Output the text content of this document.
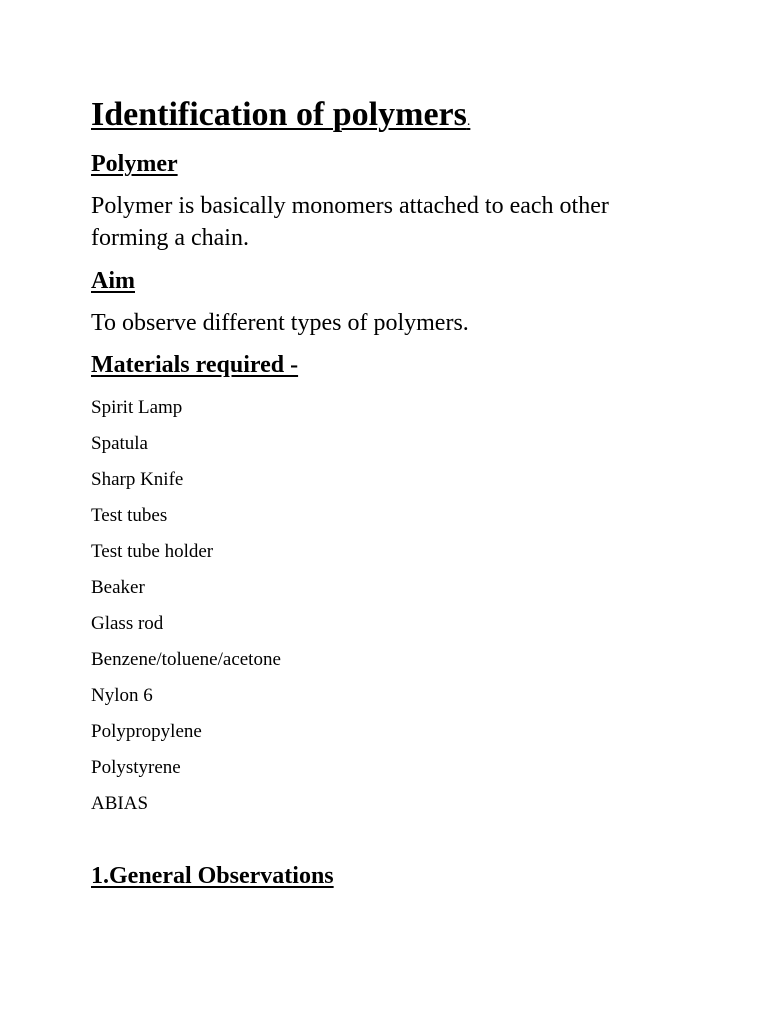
Identification of polymers.
Polymer

Polymer is basically monomers attached to each other forming a chain.

Aim

To observe different types of polymers.

Materials required -
Spirit Lamp
Spatula
Sharp Knife
Test tubes
Test tube holder
Beaker
Glass rod
Benzene/toluene/acetone
Nylon 6
Polypropylene
Polystyrene
ABIAS
1.General Observations
